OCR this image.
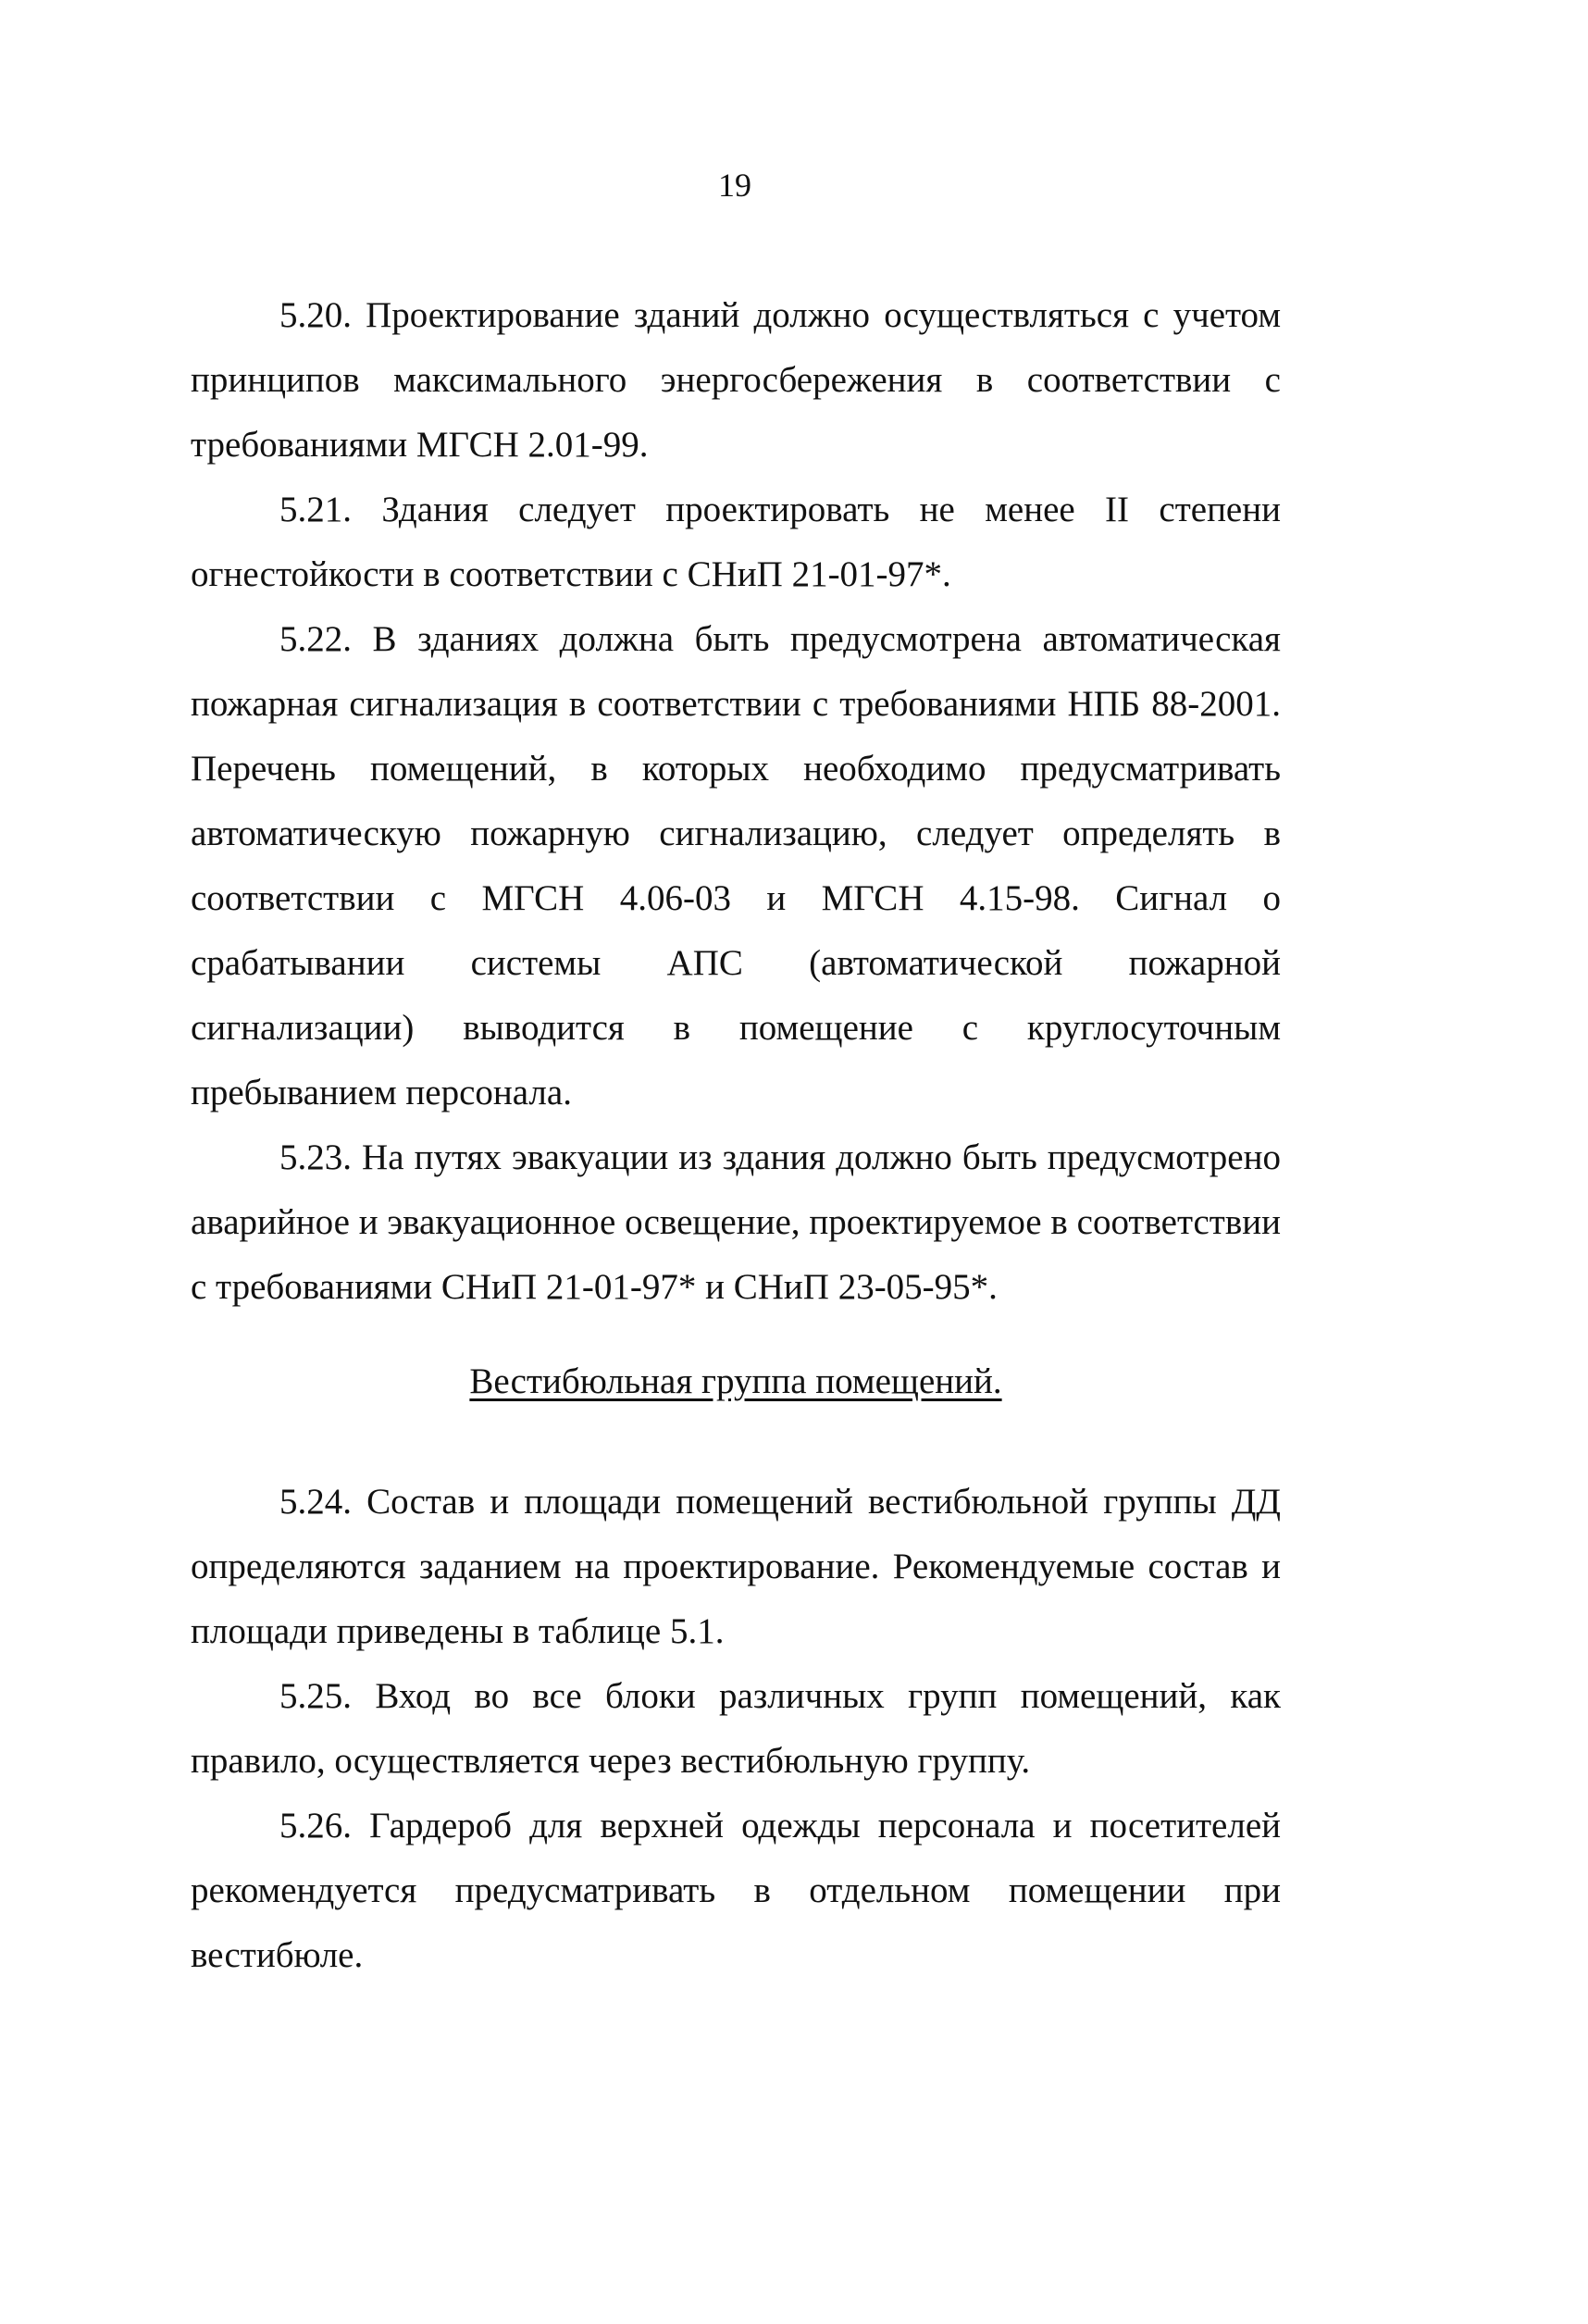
19

5.20. Проектирование зданий должно осуществляться с учетом принципов максимального энергосбережения в соответствии с требованиями МГСН 2.01-99.

5.21. Здания следует проектировать не менее II степени огнестойкости в соответствии с СНиП 21-01-97*.

5.22. В зданиях должна быть предусмотрена автоматическая пожарная сигнализация в соответствии с требованиями НПБ 88-2001. Перечень помещений, в которых необходимо предусматривать автоматическую пожарную сигнализацию, следует определять в соответствии с МГСН 4.06-03 и МГСН 4.15-98. Сигнал о срабатывании системы АПС (автоматической пожарной сигнализации) выводится в помещение с круглосуточным пребыванием персонала.

5.23. На путях эвакуации из здания должно быть предусмотрено аварийное и эвакуационное освещение, проектируемое в соответствии с требованиями СНиП 21-01-97* и СНиП 23-05-95*.

Вестибюльная группа помещений.

5.24. Состав и площади помещений вестибюльной группы ДД определяются заданием на проектирование. Рекомендуемые состав и площади приведены в таблице 5.1.

5.25. Вход во все блоки различных групп помещений, как правило, осуществляется через вестибюльную группу.

5.26. Гардероб для верхней одежды персонала и посетителей рекомендуется предусматривать в отдельном помещении при вестибюле.
